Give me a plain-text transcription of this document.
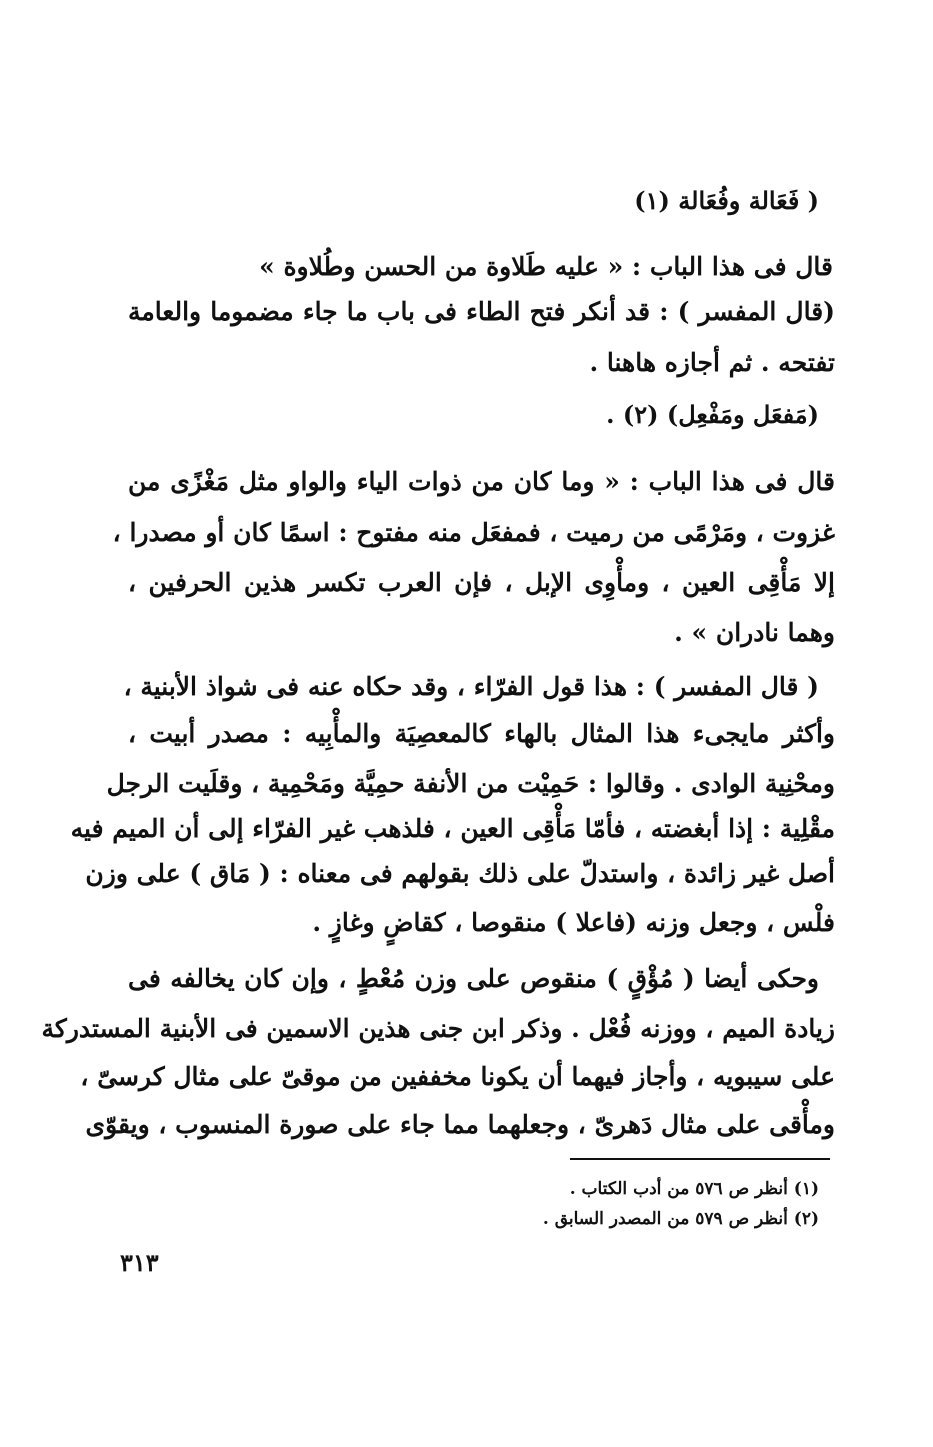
( فَعَالة وفُعَالة (١)
قال فى هذا الباب : « عليه طَلاوة من الحسن وطُلاوة »
(قال المفسر ) : قد أنكر فتح الطاء فى باب ما جاء مضموما والعامة
تفتحه . ثم أجازه هاهنا .
(مَفعَل ومَفْعِل) (٢) .
قال فى هذا الباب : « وما كان من ذوات الياء والواو مثل مَغْزًى من
غزوت ، ومَرْمًى من رميت ، فمفعَل منه مفتوح : اسمًا كان أو مصدرا ،
إلا مَأْقِى العين ، ومأْوِى الإبل ، فإن العرب تكسر هذين الحرفين ،
وهما نادران » .
( قال المفسر ) : هذا قول الفرّاء ، وقد حكاه عنه فى شواذ الأبنية ،
وأكثر مايجىء هذا المثال بالهاء كالمعصِيَة والمأْبِيه : مصدر أبيت ،
ومحْنِية الوادى . وقالوا : حَمِيْت من الأنفة حمِيَّة ومَحْمِية ، وقلَيت الرجل
مقْلِية : إذا أبغضته ، فأمّا مَأْقِى العين ، فلذهب غير الفرّاء إلى أن الميم فيه
أصل غير زائدة ، واستدلّ على ذلك بقولهم فى معناه : ( مَاق ) على وزن
فلْس ، وجعل وزنه (فاعلا ) منقوصا ، كقاضٍ وغازٍ .
وحكى أيضا ( مُؤْقٍ ) منقوص على وزن مُعْطٍ ، وإن كان يخالفه فى
زيادة الميم ، ووزنه فُعْل . وذكر ابن جنى هذين الاسمين فى الأبنية المستدركة
على سيبويه ، وأجاز فيهما أن يكونا مخففين من موقىّ على مثال كرسىّ ،
ومأْقى على مثال دَهرىّ ، وجعلهما مما جاء على صورة المنسوب ، ويقوّى
(١) أنظر ص ٥٧٦ من أدب الكتاب .
(٢) أنظر ص ٥٧٩ من المصدر السابق .
٣١٣
